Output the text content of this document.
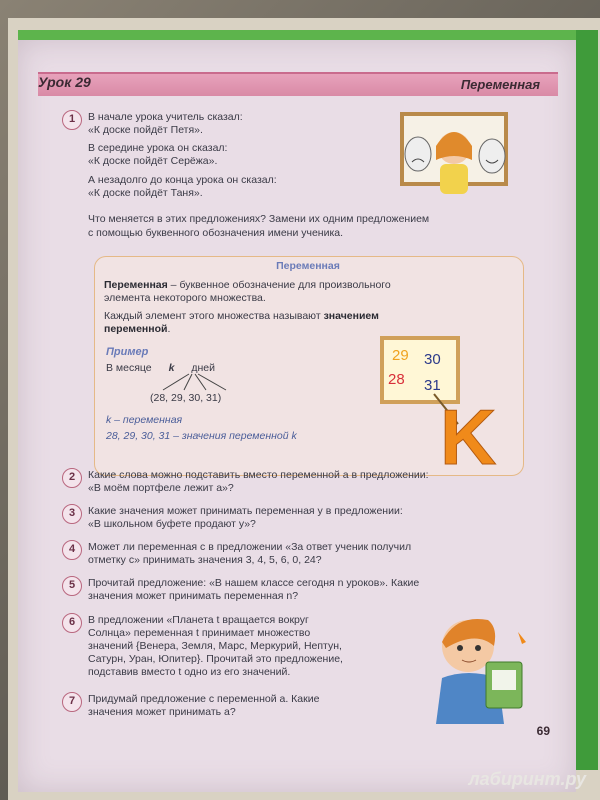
Урок 29	Переменная
1	В начале урока учитель сказал:
«К доске пойдёт Петя».
В середине урока он сказал:
«К доске пойдёт Серёжа».
А незадолго до конца урока он сказал:
«К доске пойдёт Таня».
Что меняется в этих предложениях? Замени их одним предложением
с помощью буквенного обозначения имени ученика.
Переменная
Переменная – буквенное обозначение для произвольного
элемента некоторого множества.
Каждый элемент этого множества называют значением
переменной.
Пример
В месяце k дней
(28, 29, 30, 31)
k – переменная
28, 29, 30, 31 – значения переменной k
29 30
28 31
K
2	Какие слова можно подставить вместо переменной а в предложении:
«В моём портфеле лежит а»?
3	Какие значения может принимать переменная у в предложении:
«В школьном буфете продают у»?
4	Может ли переменная с в предложении «За ответ ученик получил
отметку с» принимать значения 3, 4, 5, 6, 0, 24?
5	Прочитай предложение: «В нашем классе сегодня n уроков». Какие
значения может принимать переменная n?
6	В предложении «Планета t вращается вокруг
Солнца» переменная t принимает множество
значений {Венера, Земля, Марс, Меркурий, Нептун,
Сатурн, Уран, Юпитер}. Прочитай это предложение,
подставив вместо t одно из его значений.
7	Придумай предложение с переменной а. Какие
значения может принимать а?
69
лабиринт.ру
